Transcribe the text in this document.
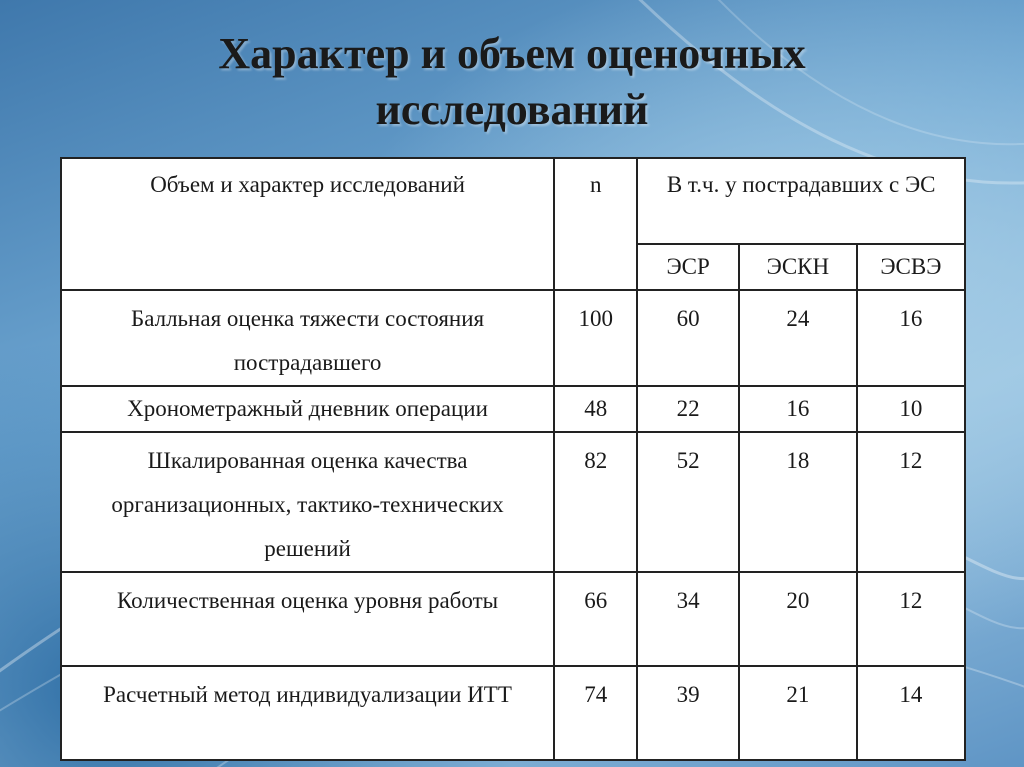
Характер и объем оценочных
исследований
Объем и характер исследований	n	В т.ч. у пострадавших с ЭС		
		ЭСР	ЭСКН	ЭСВЭ
Балльная оценка тяжести состояния пострадавшего	100	60	24	16
Хронометражный дневник операции	48	22	16	10
Шкалированная оценка качества организационных, тактико-технических решений	82	52	18	12
Количественная оценка уровня работы	66	34	20	12
Расчетный метод индивидуализации ИТТ	74	39	21	14
